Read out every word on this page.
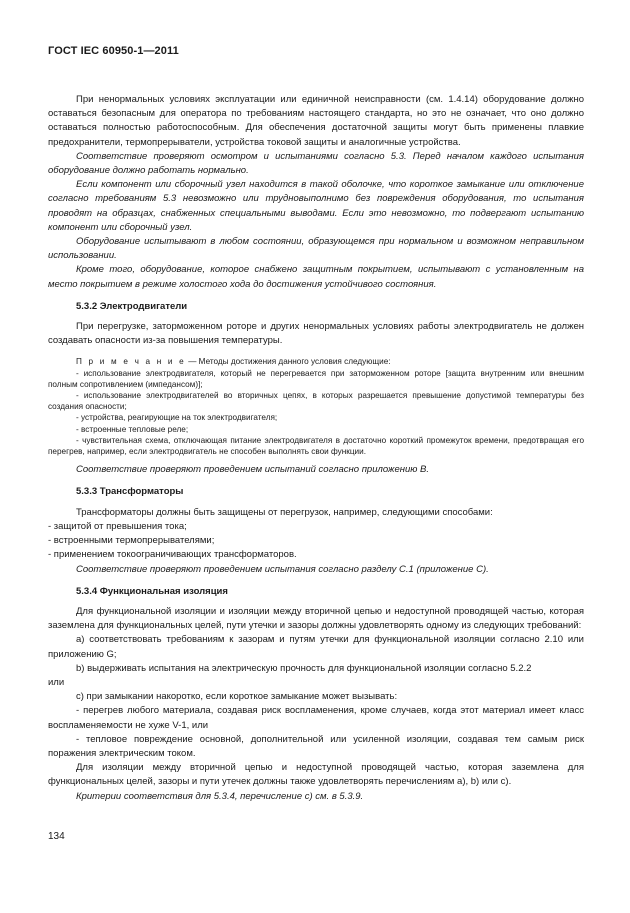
ГОСТ IEC 60950-1—2011

При ненормальных условиях эксплуатации или единичной неисправности (см. 1.4.14) оборудование должно оставаться безопасным для оператора по требованиям настоящего стандарта, но это не означает, что оно должно оставаться полностью работоспособным. Для обеспечения достаточной защиты могут быть применены плавкие предохранители, термопрерыватели, устройства токовой защиты и аналогичные устройства.

Соответствие проверяют осмотром и испытаниями согласно 5.3. Перед началом каждого испытания оборудование должно работать нормально.

Если компонент или сборочный узел находится в такой оболочке, что короткое замыкание или отключение согласно требованиям 5.3 невозможно или трудновыполнимо без повреждения оборудования, то испытания проводят на образцах, снабженных специальными выводами. Если это невозможно, то подвергают испытанию компонент или сборочный узел.

Оборудование испытывают в любом состоянии, образующемся при нормальном и возможном неправильном использовании.

Кроме того, оборудование, которое снабжено защитным покрытием, испытывают с установленным на место покрытием в режиме холостого хода до достижения устойчивого состояния.

5.3.2 Электродвигатели

При перегрузке, заторможенном роторе и других ненормальных условиях работы электродвигатель не должен создавать опасности из-за повышения температуры.

П р и м е ч а н и е — Методы достижения данного условия следующие:

- использование электродвигателя, который не перегревается при заторможенном роторе [защита внутренним или внешним полным сопротивлением (импедансом)];

- использование электродвигателей во вторичных цепях, в которых разрешается превышение допустимой температуры без создания опасности;

- устройства, реагирующие на ток электродвигателя;

- встроенные тепловые реле;

- чувствительная схема, отключающая питание электродвигателя в достаточно короткий промежуток времени, предотвращая его перегрев, например, если электродвигатель не способен выполнять свои функции.

Соответствие проверяют проведением испытаний согласно приложению В.

5.3.3 Трансформаторы

Трансформаторы должны быть защищены от перегрузок, например, следующими способами:

- защитой от превышения тока;

- встроенными термопрерывателями;

- применением токоограничивающих трансформаторов.

Соответствие проверяют проведением испытания согласно разделу С.1 (приложение С).

5.3.4 Функциональная изоляция

Для функциональной изоляции и изоляции между вторичной цепью и недоступной проводящей частью, которая заземлена для функциональных целей, пути утечки и зазоры должны удовлетворять одному из следующих требований:

a) соответствовать требованиям к зазорам и путям утечки для функциональной изоляции согласно 2.10 или приложению G;

b) выдерживать испытания на электрическую прочность для функциональной изоляции согласно 5.2.2

или

c) при замыкании накоротко, если короткое замыкание может вызывать:

- перегрев любого материала, создавая риск воспламенения, кроме случаев, когда этот материал имеет класс воспламеняемости не хуже V-1, или

- тепловое повреждение основной, дополнительной или усиленной изоляции, создавая тем самым риск поражения электрическим током.

Для изоляции между вторичной цепью и недоступной проводящей частью, которая заземлена для функциональных целей, зазоры и пути утечек должны также удовлетворять перечислениям a), b) или c).

Критерии соответствия для 5.3.4, перечисление с) см. в 5.3.9.

134
